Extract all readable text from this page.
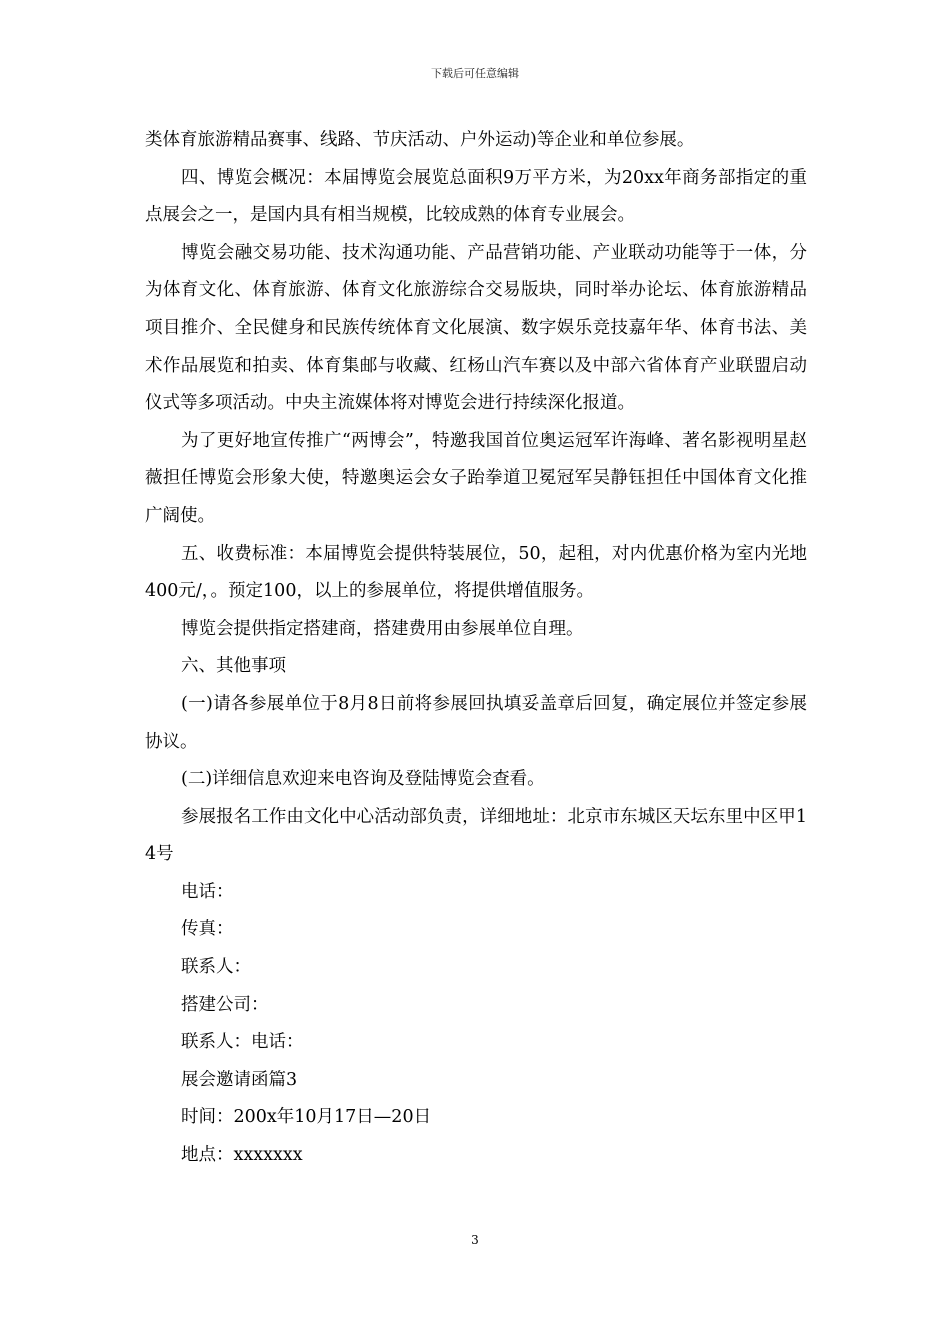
下载后可任意编辑

类体育旅游精品赛事、线路、节庆活动、户外运动)等企业和单位参展。

四、博览会概况：本届博览会展览总面积9万平方米，为20xx年商务部指定的重点展会之一，是国内具有相当规模，比较成熟的体育专业展会。

博览会融交易功能、技术沟通功能、产品营销功能、产业联动功能等于一体，分为体育文化、体育旅游、体育文化旅游综合交易版块，同时举办论坛、体育旅游精品项目推介、全民健身和民族传统体育文化展演、数字娱乐竞技嘉年华、体育书法、美术作品展览和拍卖、体育集邮与收藏、红杨山汽车赛以及中部六省体育产业联盟启动仪式等多项活动。中央主流媒体将对博览会进行持续深化报道。

为了更好地宣传推广“两博会”，特邀我国首位奥运冠军许海峰、著名影视明星赵薇担任博览会形象大使，特邀奥运会女子跆拳道卫冕冠军吴静钰担任中国体育文化推广阔使。

五、收费标准：本届博览会提供特装展位，50，起租，对内优惠价格为室内光地400元/，。预定100，以上的参展单位，将提供增值服务。

博览会提供指定搭建商，搭建费用由参展单位自理。

六、其他事项

(一)请各参展单位于8月8日前将参展回执填妥盖章后回复，确定展位并签定参展协议。

(二)详细信息欢迎来电咨询及登陆博览会查看。

参展报名工作由文化中心活动部负责，详细地址：北京市东城区天坛东里中区甲14号

电话：

传真：

联系人：

搭建公司：

联系人：电话：

展会邀请函篇3

时间：200x年10月17日—20日

地点：xxxxxxx

3
